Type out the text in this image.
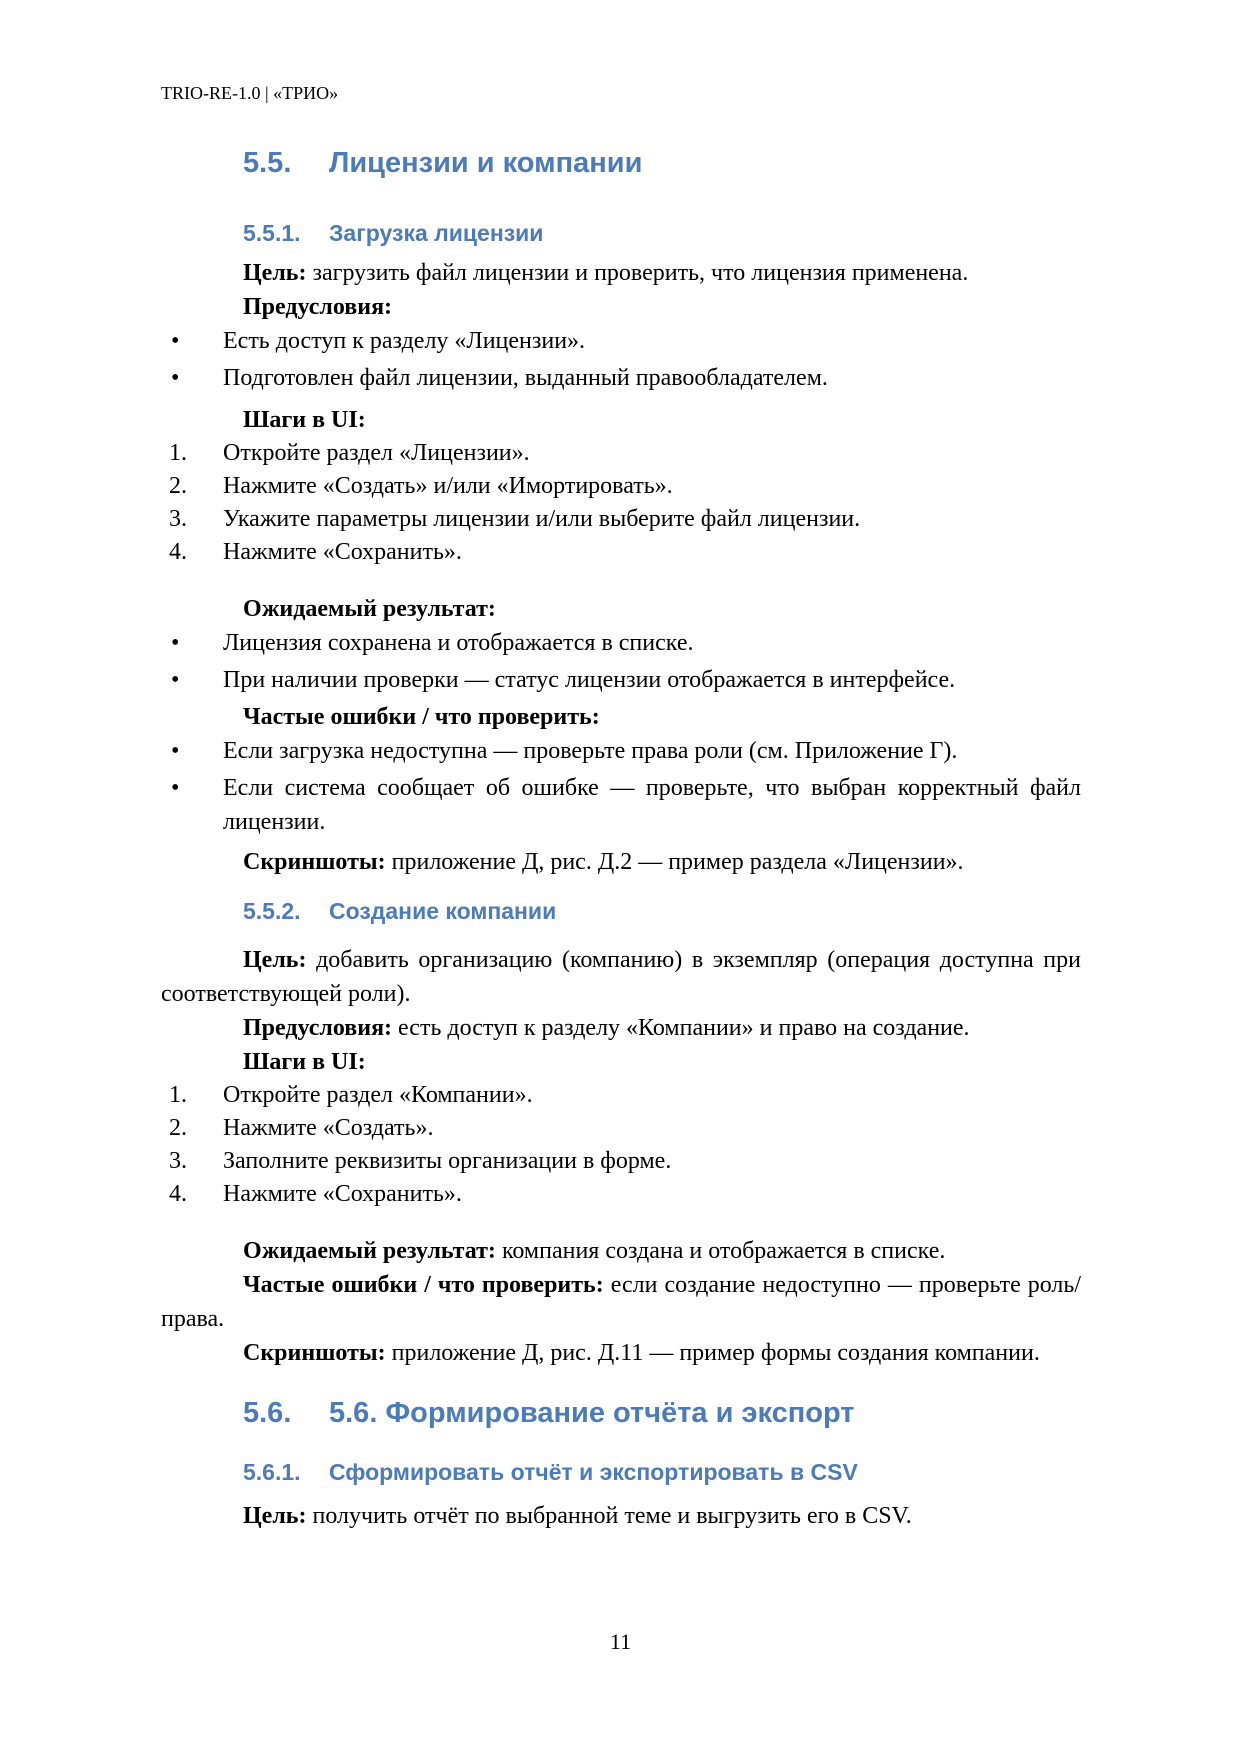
TRIO-RE-1.0 | «ТРИО»

5.5.	Лицензии и компании
5.5.1.	Загрузка лицензии

Цель: загрузить файл лицензии и проверить, что лицензия применена.

Предусловия:

• Есть доступ к разделу «Лицензии».
• Подготовлен файл лицензии, выданный правообладателем.

Шаги в UI:

Откройте раздел «Лицензии».
Нажмите «Создать» и/или «Имортировать».
Укажите параметры лицензии и/или выберите файл лицензии.
Нажмите «Сохранить».

Ожидаемый результат:

• Лицензия сохранена и отображается в списке.
• При наличии проверки — статус лицензии отображается в интерфейсе.

Частые ошибки / что проверить:

• Если загрузка недоступна — проверьте права роли (см. Приложение Г).
• Если система сообщает об ошибке — проверьте, что выбран корректный файл лицензии.

Скриншоты: приложение Д, рис. Д.2 — пример раздела «Лицензии».

5.5.2.	Создание компании

Цель: добавить организацию (компанию) в экземпляр (операция доступна при соответствующей роли).

Предусловия: есть доступ к разделу «Компании» и право на создание.

Шаги в UI:

Откройте раздел «Компании».
Нажмите «Создать».
Заполните реквизиты организации в форме.
Нажмите «Сохранить».

Ожидаемый результат: компания создана и отображается в списке.

Частые ошибки / что проверить: если создание недоступно — проверьте роль/права.

Скриншоты: приложение Д, рис. Д.11 — пример формы создания компании.

5.6.	5.6. Формирование отчёта и экспорт
5.6.1.	Сформировать отчёт и экспортировать в CSV

Цель: получить отчёт по выбранной теме и выгрузить его в CSV.

11
